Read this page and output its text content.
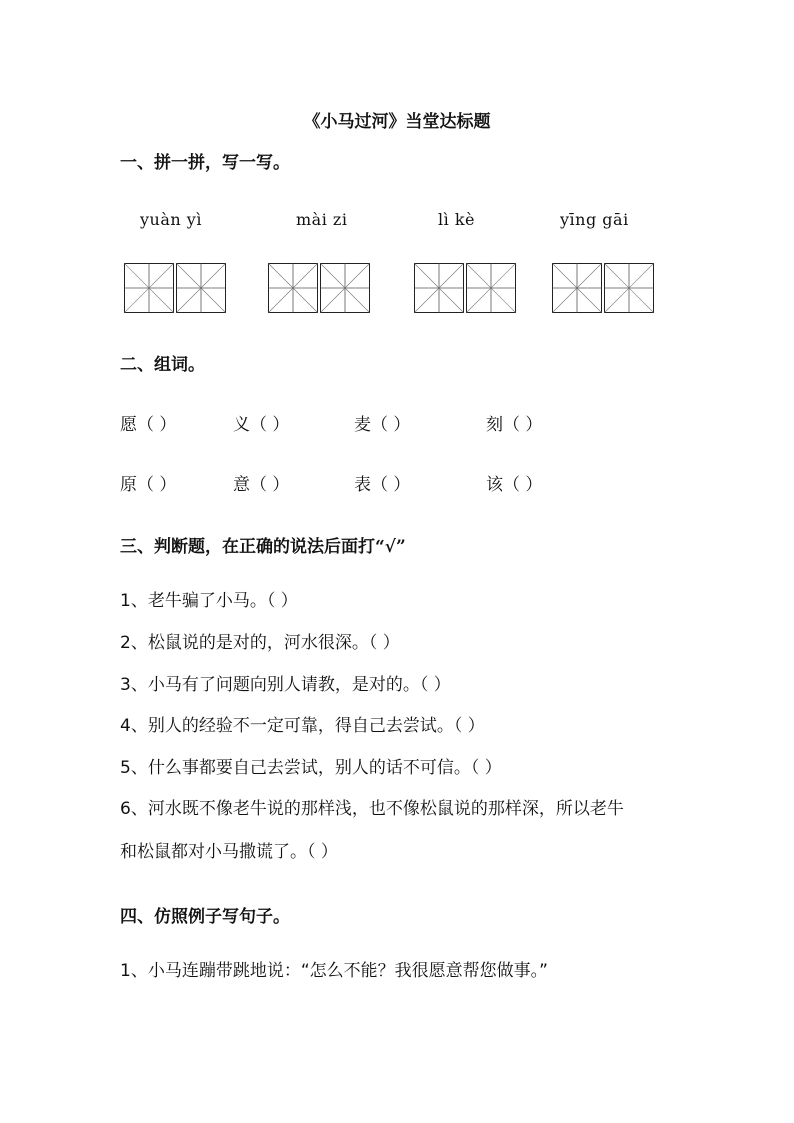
《小马过河》当堂达标题
一、拼一拼，写一写。
yuàn yì	mài zi	lì kè	yīng gāi
二、组词。
愿（ ）	义（ ）	麦（ ）	刻（ ）
原（ ）	意（ ）	表（ ）	该（ ）
三、判断题，在正确的说法后面打“√”
1、老牛骗了小马。（ ）
2、松鼠说的是对的，河水很深。（ ）
3、小马有了问题向别人请教，是对的。（ ）
4、别人的经验不一定可靠，得自己去尝试。（ ）
5、什么事都要自己去尝试，别人的话不可信。（ ）
6、河水既不像老牛说的那样浅，也不像松鼠说的那样深，所以老牛
和松鼠都对小马撒谎了。（ ）
四、仿照例子写句子。
1、小马连蹦带跳地说：“怎么不能？我很愿意帮您做事。”
